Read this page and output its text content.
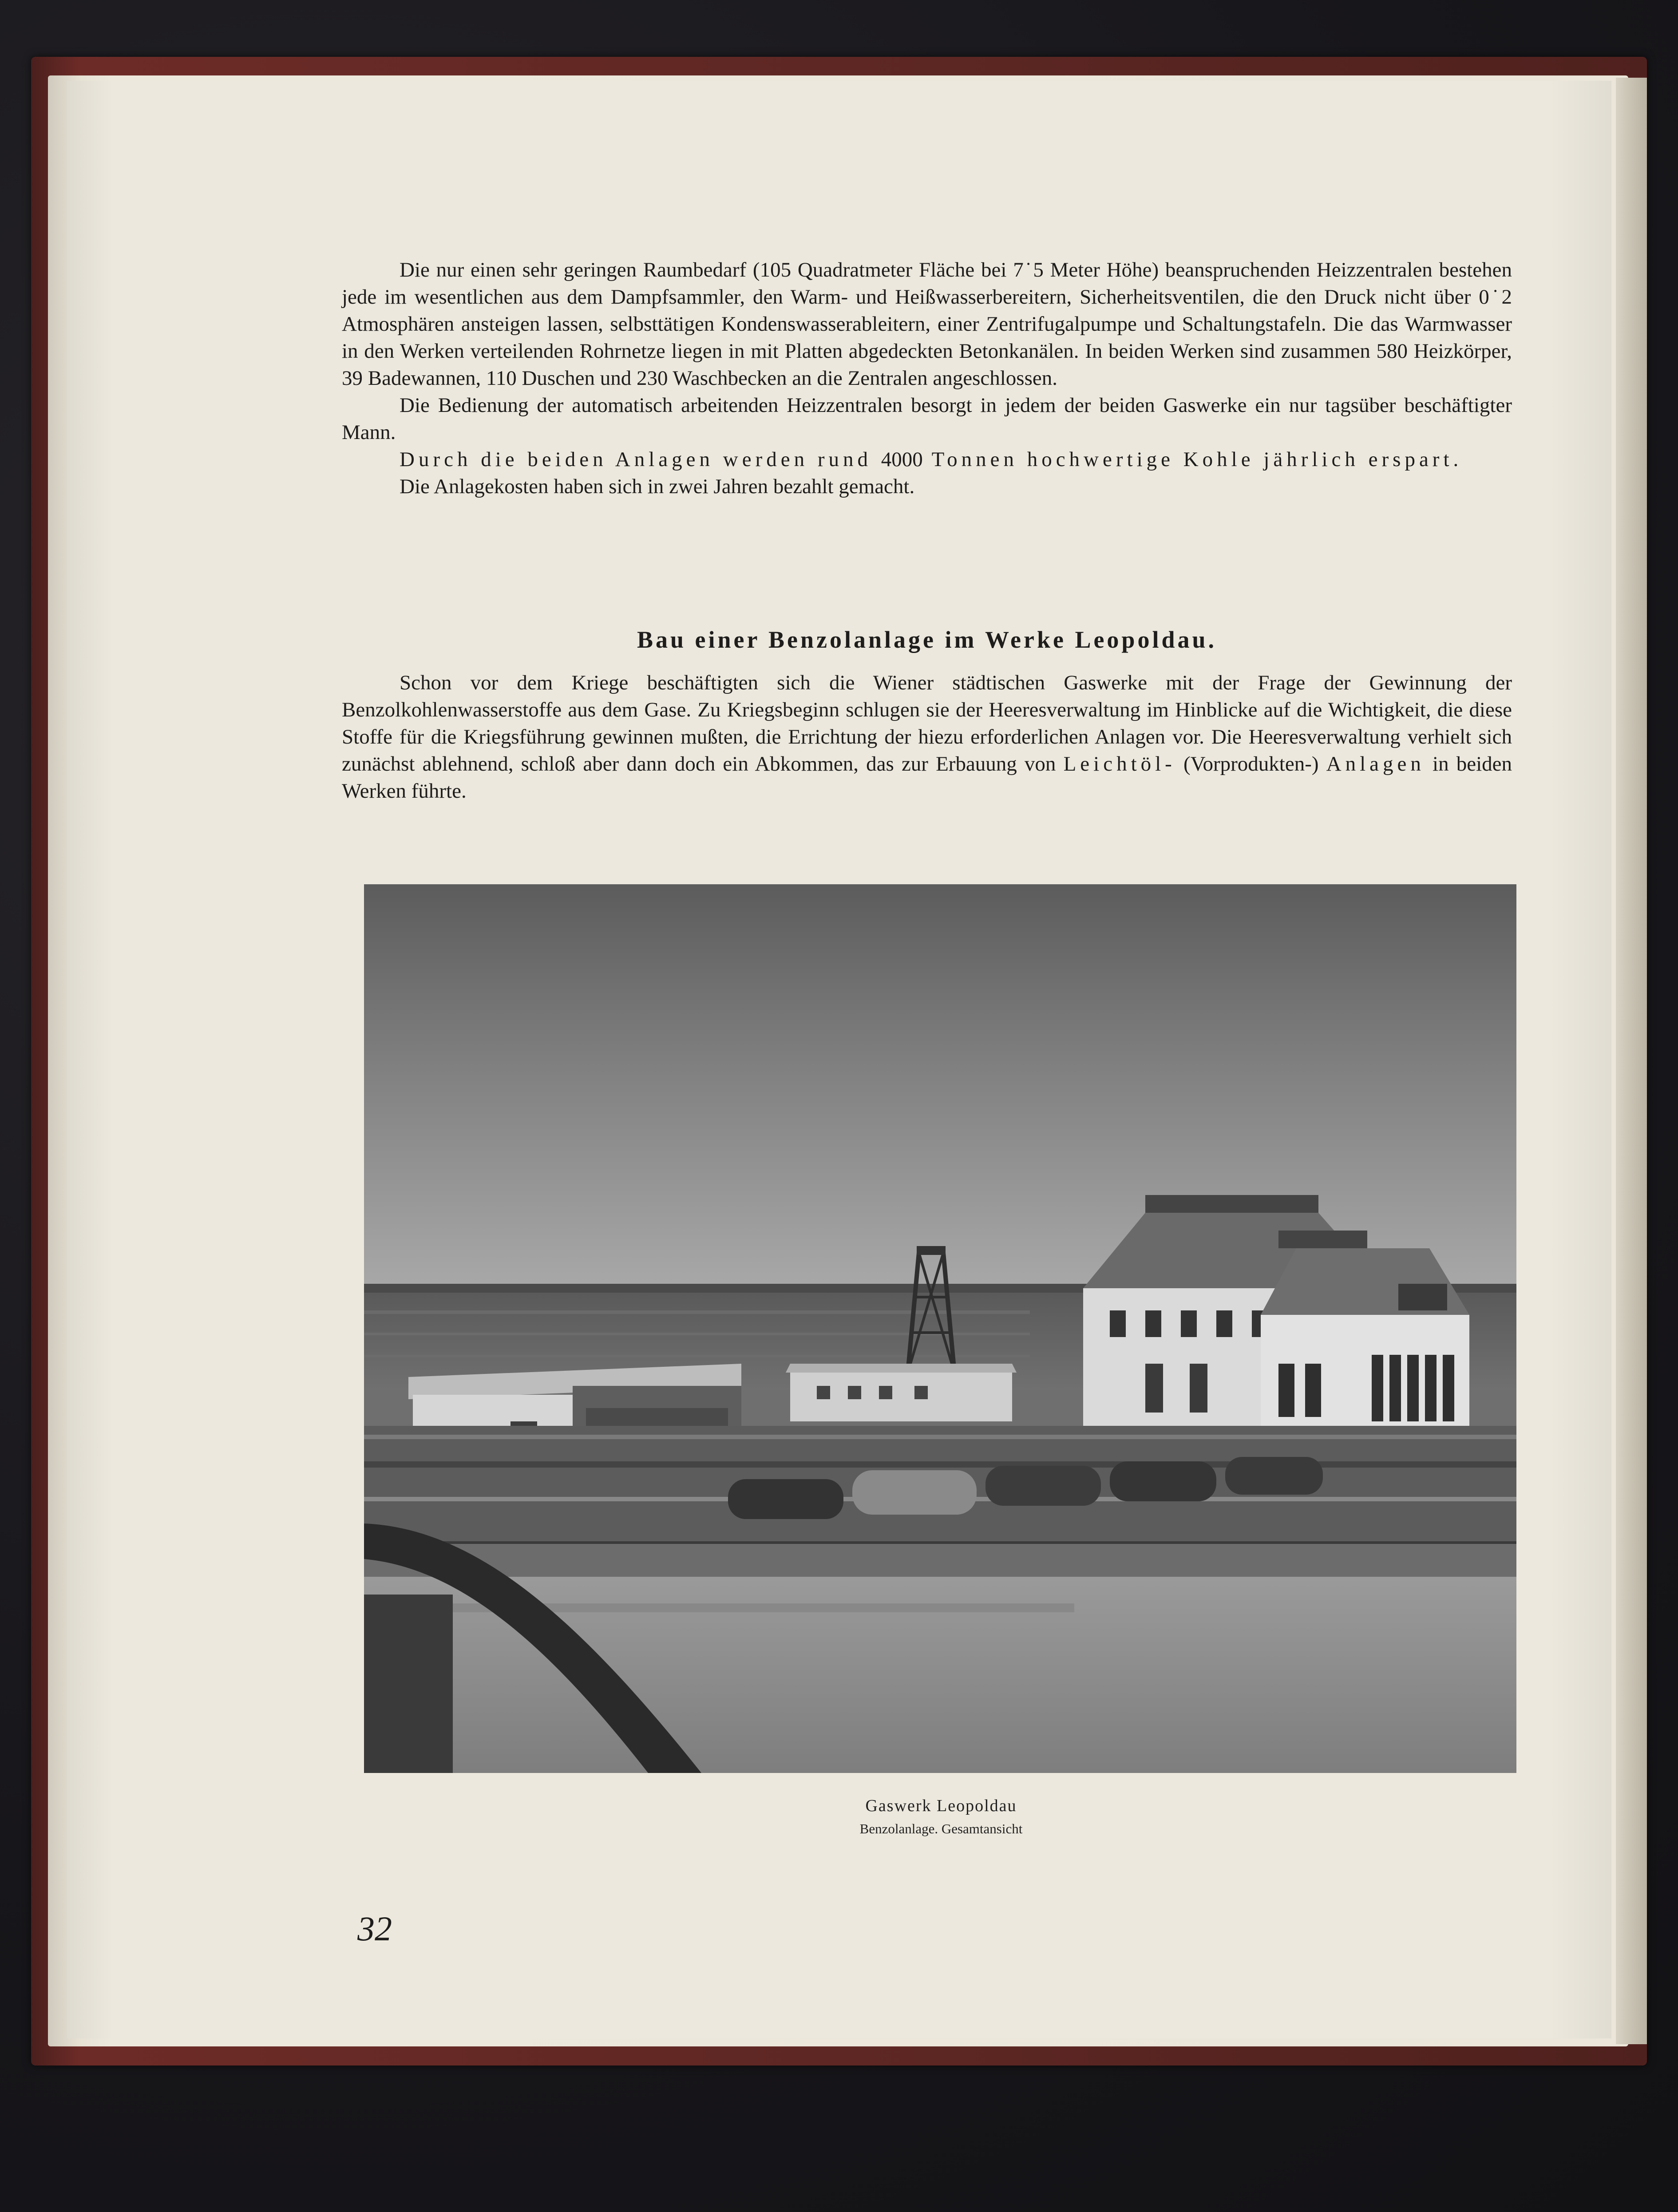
Die nur einen sehr geringen Raumbedarf (105 Quadratmeter Fläche bei 7˙5 Meter Höhe) beanspruchenden Heizzentralen bestehen jede im wesentlichen aus dem Dampfsammler, den Warm- und Heißwasserbereitern, Sicherheitsventilen, die den Druck nicht über 0˙2 Atmosphären ansteigen lassen, selbsttätigen Kondenswasserableitern, einer Zentrifugalpumpe und Schaltungstafeln. Die das Warmwasser in den Werken verteilenden Rohrnetze liegen in mit Platten abgedeckten Betonkanälen. In beiden Werken sind zusammen 580 Heizkörper, 39 Badewannen, 110 Duschen und 230 Waschbecken an die Zentralen angeschlossen.

Die Bedienung der automatisch arbeitenden Heizzentralen besorgt in jedem der beiden Gaswerke ein nur tagsüber beschäftigter Mann.

Durch die beiden Anlagen werden rund 4000 Tonnen hochwertige Kohle jährlich erspart.

Die Anlagekosten haben sich in zwei Jahren bezahlt gemacht.

Bau einer Benzolanlage im Werke Leopoldau.

Schon vor dem Kriege beschäftigten sich die Wiener städtischen Gaswerke mit der Frage der Gewinnung der Benzolkohlenwasserstoffe aus dem Gase. Zu Kriegsbeginn schlugen sie der Heeresverwaltung im Hinblicke auf die Wichtigkeit, die diese Stoffe für die Kriegsführung gewinnen mußten, die Errichtung der hiezu erforderlichen Anlagen vor. Die Heeresverwaltung verhielt sich zunächst ablehnend, schloß aber dann doch ein Abkommen, das zur Erbauung von Leichtöl- (Vorprodukten-) Anlagen in beiden Werken führte.

Gaswerk Leopoldau

Benzolanlage. Gesamtansicht

32
